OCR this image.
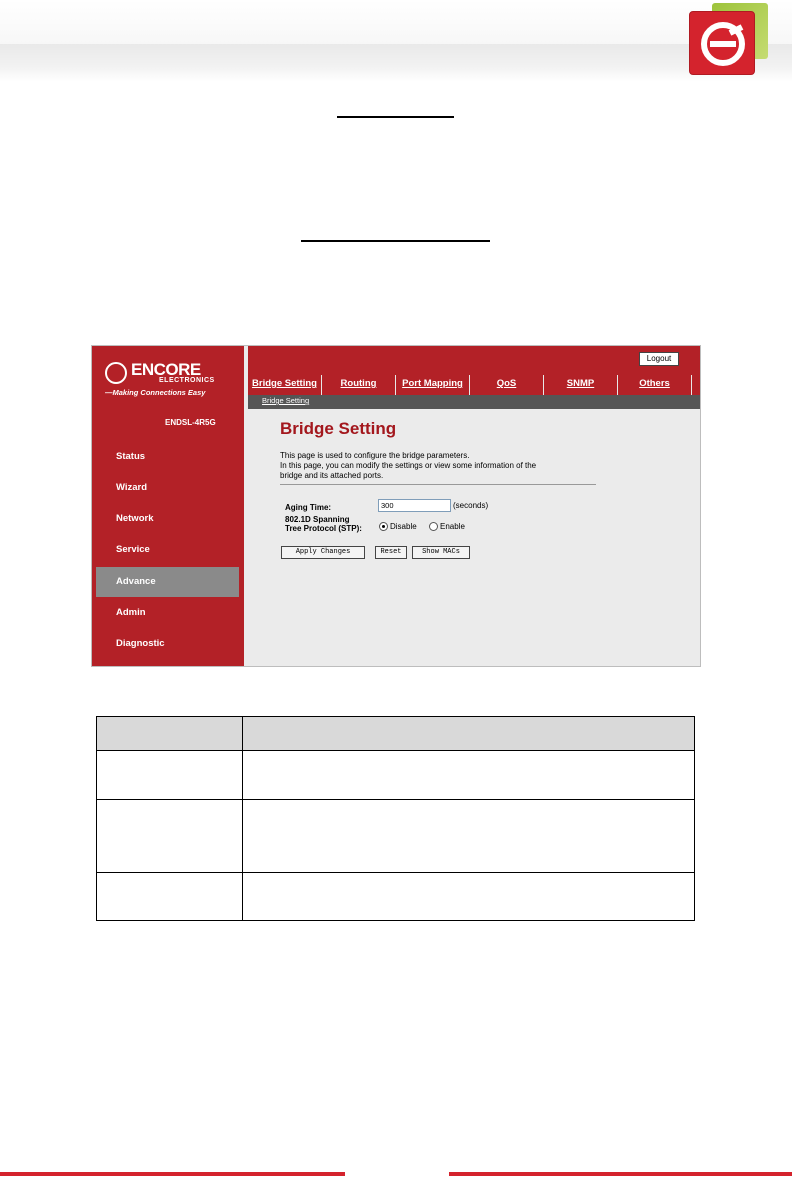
ENCORE
ELECTRONICS
—Making Connections Easy
ENDSL-4R5G
Status
Wizard
Network
Service
Advance
Admin
Diagnostic
Logout
Bridge Setting	Routing	Port Mapping	QoS	SNMP	Others
Bridge Setting
Bridge Setting
This page is used to configure the bridge parameters.
In this page, you can modify the settings or view some information of the
bridge and its attached ports.
Aging Time:	300	(seconds)
802.1D Spanning
Tree Protocol (STP):	Disable	Enable
Apply Changes	Reset	Show MACs
